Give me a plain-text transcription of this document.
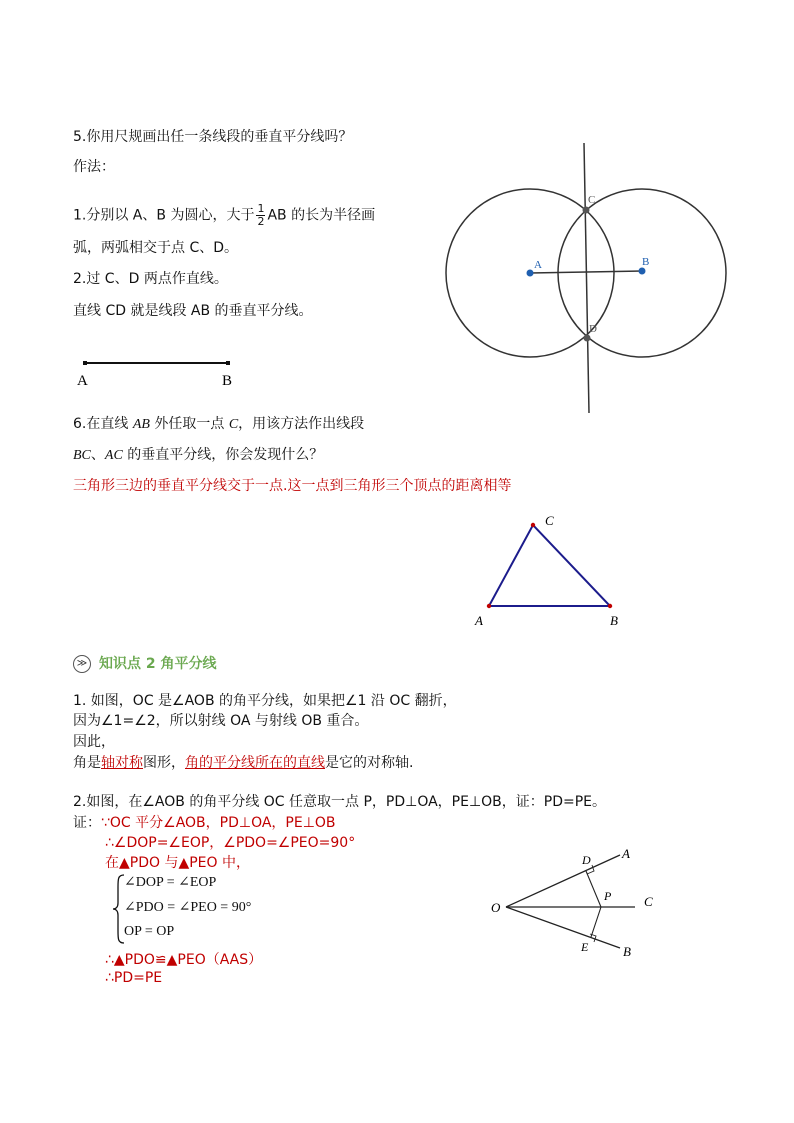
5.你用尺规画出任一条线段的垂直平分线吗？
作法：
1.分别以 A、B 为圆心，大于 $\frac{1}{2}$ AB 的长为半径画
弧，两弧相交于点 C、D。
2.过 C、D 两点作直线。
直线 CD 就是线段 AB 的垂直平分线。
A	B
A	B
C
D
6.在直线 AB 外任取一点 C，用该方法作出线段
BC、AC 的垂直平分线，你会发现什么？
三角形三边的垂直平分线交于一点.这一点到三角形三个顶点的距离相等
A	B
C
≫ 知识点 2 角平分线
1. 如图，OC 是∠AOB 的角平分线，如果把∠1 沿 OC 翻折，
因为∠1=∠2，所以射线 OA 与射线 OB 重合。
因此，
角是轴对称图形，角的平分线所在的直线是它的对称轴.
2.如图，在∠AOB 的角平分线 OC 任意取一点 P，PD⊥OA，PE⊥OB，证：PD=PE。
证：∵OC 平分∠AOB，PD⊥OA，PE⊥OB
∴∠DOP=∠EOP，∠PDO=∠PEO=90°
在▲PDO 与▲PEO 中，
∠DOP = ∠EOP
∠PDO = ∠PEO = 90°
OP = OP
∴▲PDO≌▲PEO（AAS）
∴PD=PE
O
A
C
B
D
E
P
